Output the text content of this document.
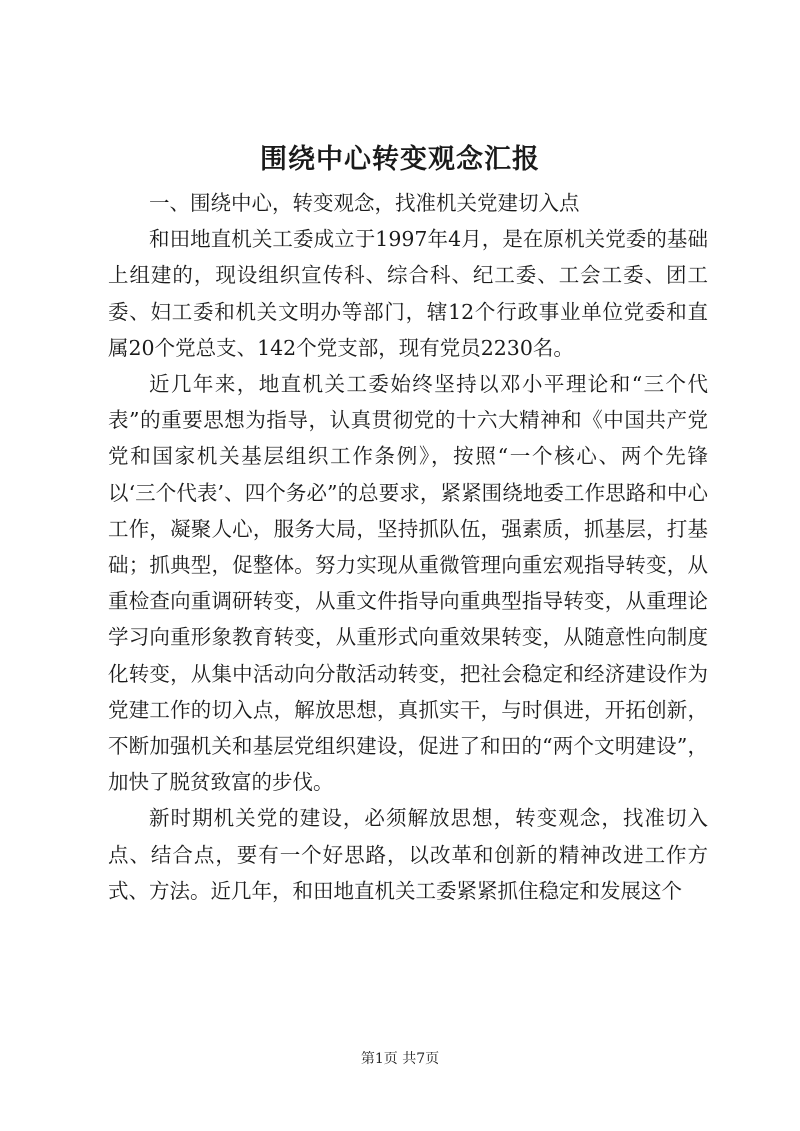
围绕中心转变观念汇报

一、围绕中心，转变观念，找准机关党建切入点

和田地直机关工委成立于1997年4月，是在原机关党委的基础上组建的，现设组织宣传科、综合科、纪工委、工会工委、团工委、妇工委和机关文明办等部门，辖12个行政事业单位党委和直属20个党总支、142个党支部，现有党员2230名。

近几年来，地直机关工委始终坚持以邓小平理论和“三个代表”的重要思想为指导，认真贯彻党的十六大精神和《中国共产党党和国家机关基层组织工作条例》，按照“一个核心、两个先锋以‘三个代表’、四个务必”的总要求，紧紧围绕地委工作思路和中心工作，凝聚人心，服务大局，坚持抓队伍，强素质，抓基层，打基础；抓典型，促整体。努力实现从重微管理向重宏观指导转变，从重检查向重调研转变，从重文件指导向重典型指导转变，从重理论学习向重形象教育转变，从重形式向重效果转变，从随意性向制度化转变，从集中活动向分散活动转变，把社会稳定和经济建设作为党建工作的切入点，解放思想，真抓实干，与时俱进，开拓创新，不断加强机关和基层党组织建设，促进了和田的“两个文明建设”，加快了脱贫致富的步伐。

新时期机关党的建设，必须解放思想，转变观念，找准切入点、结合点，要有一个好思路，以改革和创新的精神改进工作方式、方法。近几年，和田地直机关工委紧紧抓住稳定和发展这个

第1页 共7页
